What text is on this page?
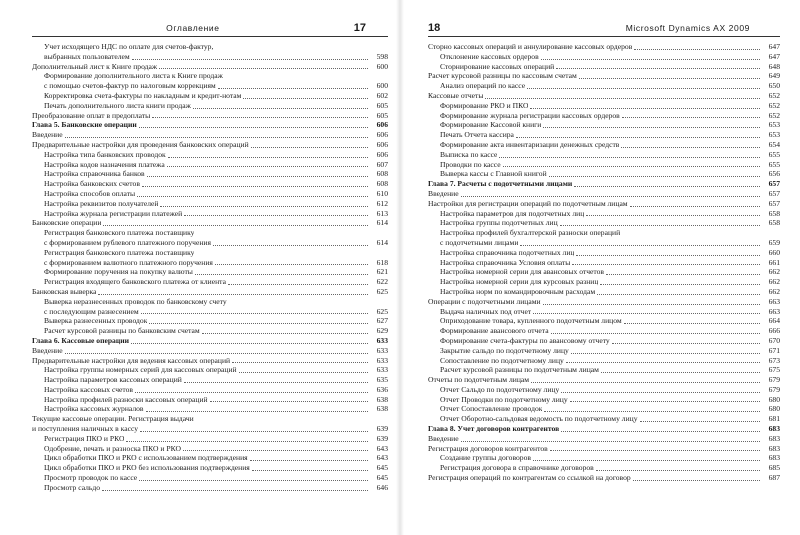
Оглавление	17
Учет исходящего НДС по оплате для счетов-фактур,
выбранных пользователем	598
Дополнительный лист к Книге продаж	600
Формирование дополнительного листа к Книге продаж
с помощью счетов-фактур по налоговым коррекциям	600
Корректировка счета-фактуры по накладным и кредит-нотам	602
Печать дополнительного листа книги продаж	605
Преобразование оплат в предоплаты	605
Глава 5. Банковские операции	606
Введение	606
Предварительные настройки для проведения банковских операций	606
Настройка типа банковских проводок	606
Настройка кодов назначения платежа	607
Настройка справочника банков	608
Настройка банковских счетов	608
Настройка способов оплаты	610
Настройка реквизитов получателей	612
Настройка журнала регистрации платежей	613
Банковские операции	614
Регистрация банковского платежа поставщику
с формированием рублевого платежного поручения	614
Регистрация банковского платежа поставщику
с формированием валютного платежного поручения	618
Формирование поручения на покупку валюты	621
Регистрация входящего банковского платежа от клиента	622
Банковская выверка	625
Выверка неразнесенных проводок по банковскому счету
с последующим разнесением	625
Выверка разнесенных проводок	627
Расчет курсовой разницы по банковским счетам	629
Глава 6. Кассовые операции	633
Введение	633
Предварительные настройки для ведения кассовых операций	633
Настройка группы номерных серий для кассовых операций	633
Настройка параметров кассовых операций	635
Настройка кассовых счетов	636
Настройка профилей разноски кассовых операций	638
Настройка кассовых журналов	638
Текущие кассовые операции. Регистрация выдачи
и поступления наличных в кассу	639
Регистрация ПКО и РКО	639
Одобрение, печать и разноска ПКО и РКО	643
Цикл обработки ПКО и РКО с использованием подтверждения	643
Цикл обработки ПКО и РКО без использования подтверждения	645
Просмотр проводок по кассе	645
Просмотр сальдо	646
18	Microsoft Dynamics AX 2009
Сторно кассовых операций и аннулирование кассовых ордеров	647
Отклонение кассовых ордеров	647
Сторнирование кассовых операций	648
Расчет курсовой разницы по кассовым счетам	649
Анализ операций по кассе	650
Кассовые отчеты	652
Формирование РКО и ПКО	652
Формирование журнала регистрации кассовых ордеров	652
Формирование Кассовой книги	653
Печать Отчета кассира	653
Формирование акта инвентаризации денежных средств	654
Выписка по кассе	655
Проводки по кассе	655
Выверка кассы с Главной книгой	656
Глава 7. Расчеты с подотчетными лицами	657
Введение	657
Настройки для регистрации операций по подотчетным лицам	657
Настройка параметров для подотчетных лиц	658
Настройка группы подотчетных лиц	658
Настройка профилей бухгалтерской разноски операций
с подотчетными лицами	659
Настройка справочника подотчетных лиц	660
Настройка справочника Условия оплаты	661
Настройка номерной серии для авансовых отчетов	662
Настройка номерной серии для курсовых разниц	662
Настройка норм по командировочным расходам	662
Операции с подотчетными лицами	663
Выдача наличных под отчет	663
Оприходование товара, купленного подотчетным лицом	664
Формирование авансового отчета	666
Формирование счета-фактуры по авансовому отчету	670
Закрытие сальдо по подотчетному лицу	671
Сопоставление по подотчетному лицу	673
Расчет курсовой разницы по подотчетным лицам	675
Отчеты по подотчетным лицам	679
Отчет Сальдо по подотчетному лицу	679
Отчет Проводки по подотчетному лицу	680
Отчет Сопоставление проводок	680
Отчет Оборотно-сальдовая ведомость по подотчетному лицу	681
Глава 8. Учет договоров контрагентов	683
Введение	683
Регистрация договоров контрагентов	683
Создание группы договоров	683
Регистрация договора в справочнике договоров	685
Регистрация операций по контрагентам со ссылкой на договор	687
